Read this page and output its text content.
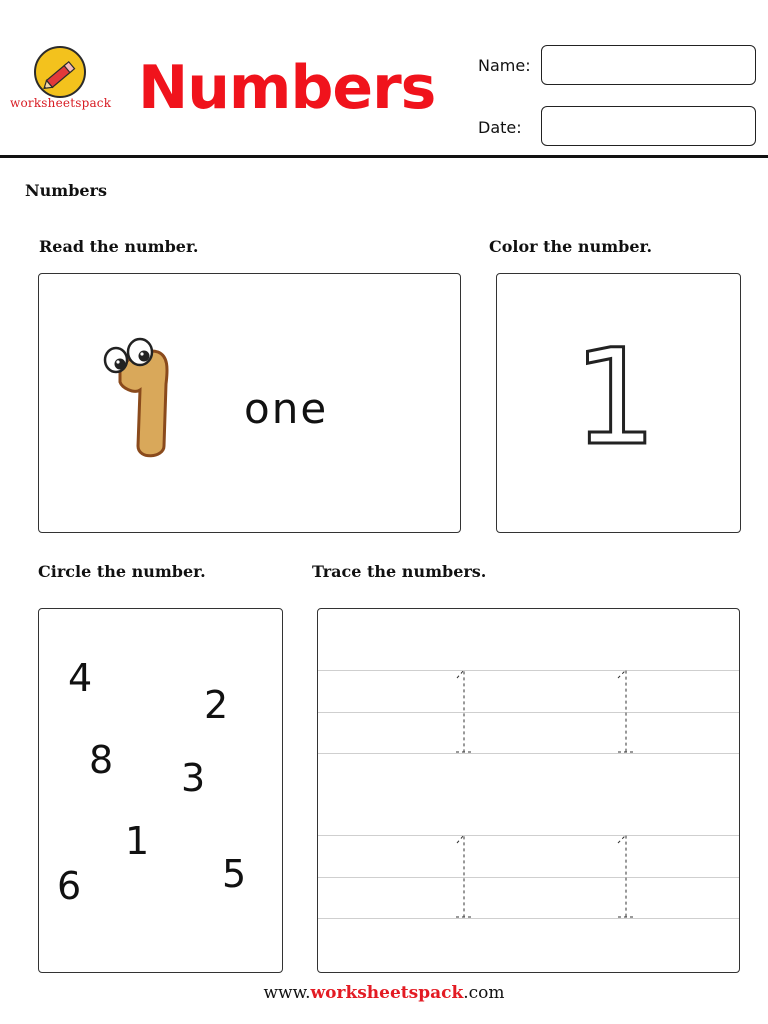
worksheetspack Numbers	Name:
Date:
Numbers
Read the number.
one
Color the number.
1
Circle the number.
4
2
8 3
1
6	5
Trace the numbers.
www.worksheetspack.com
